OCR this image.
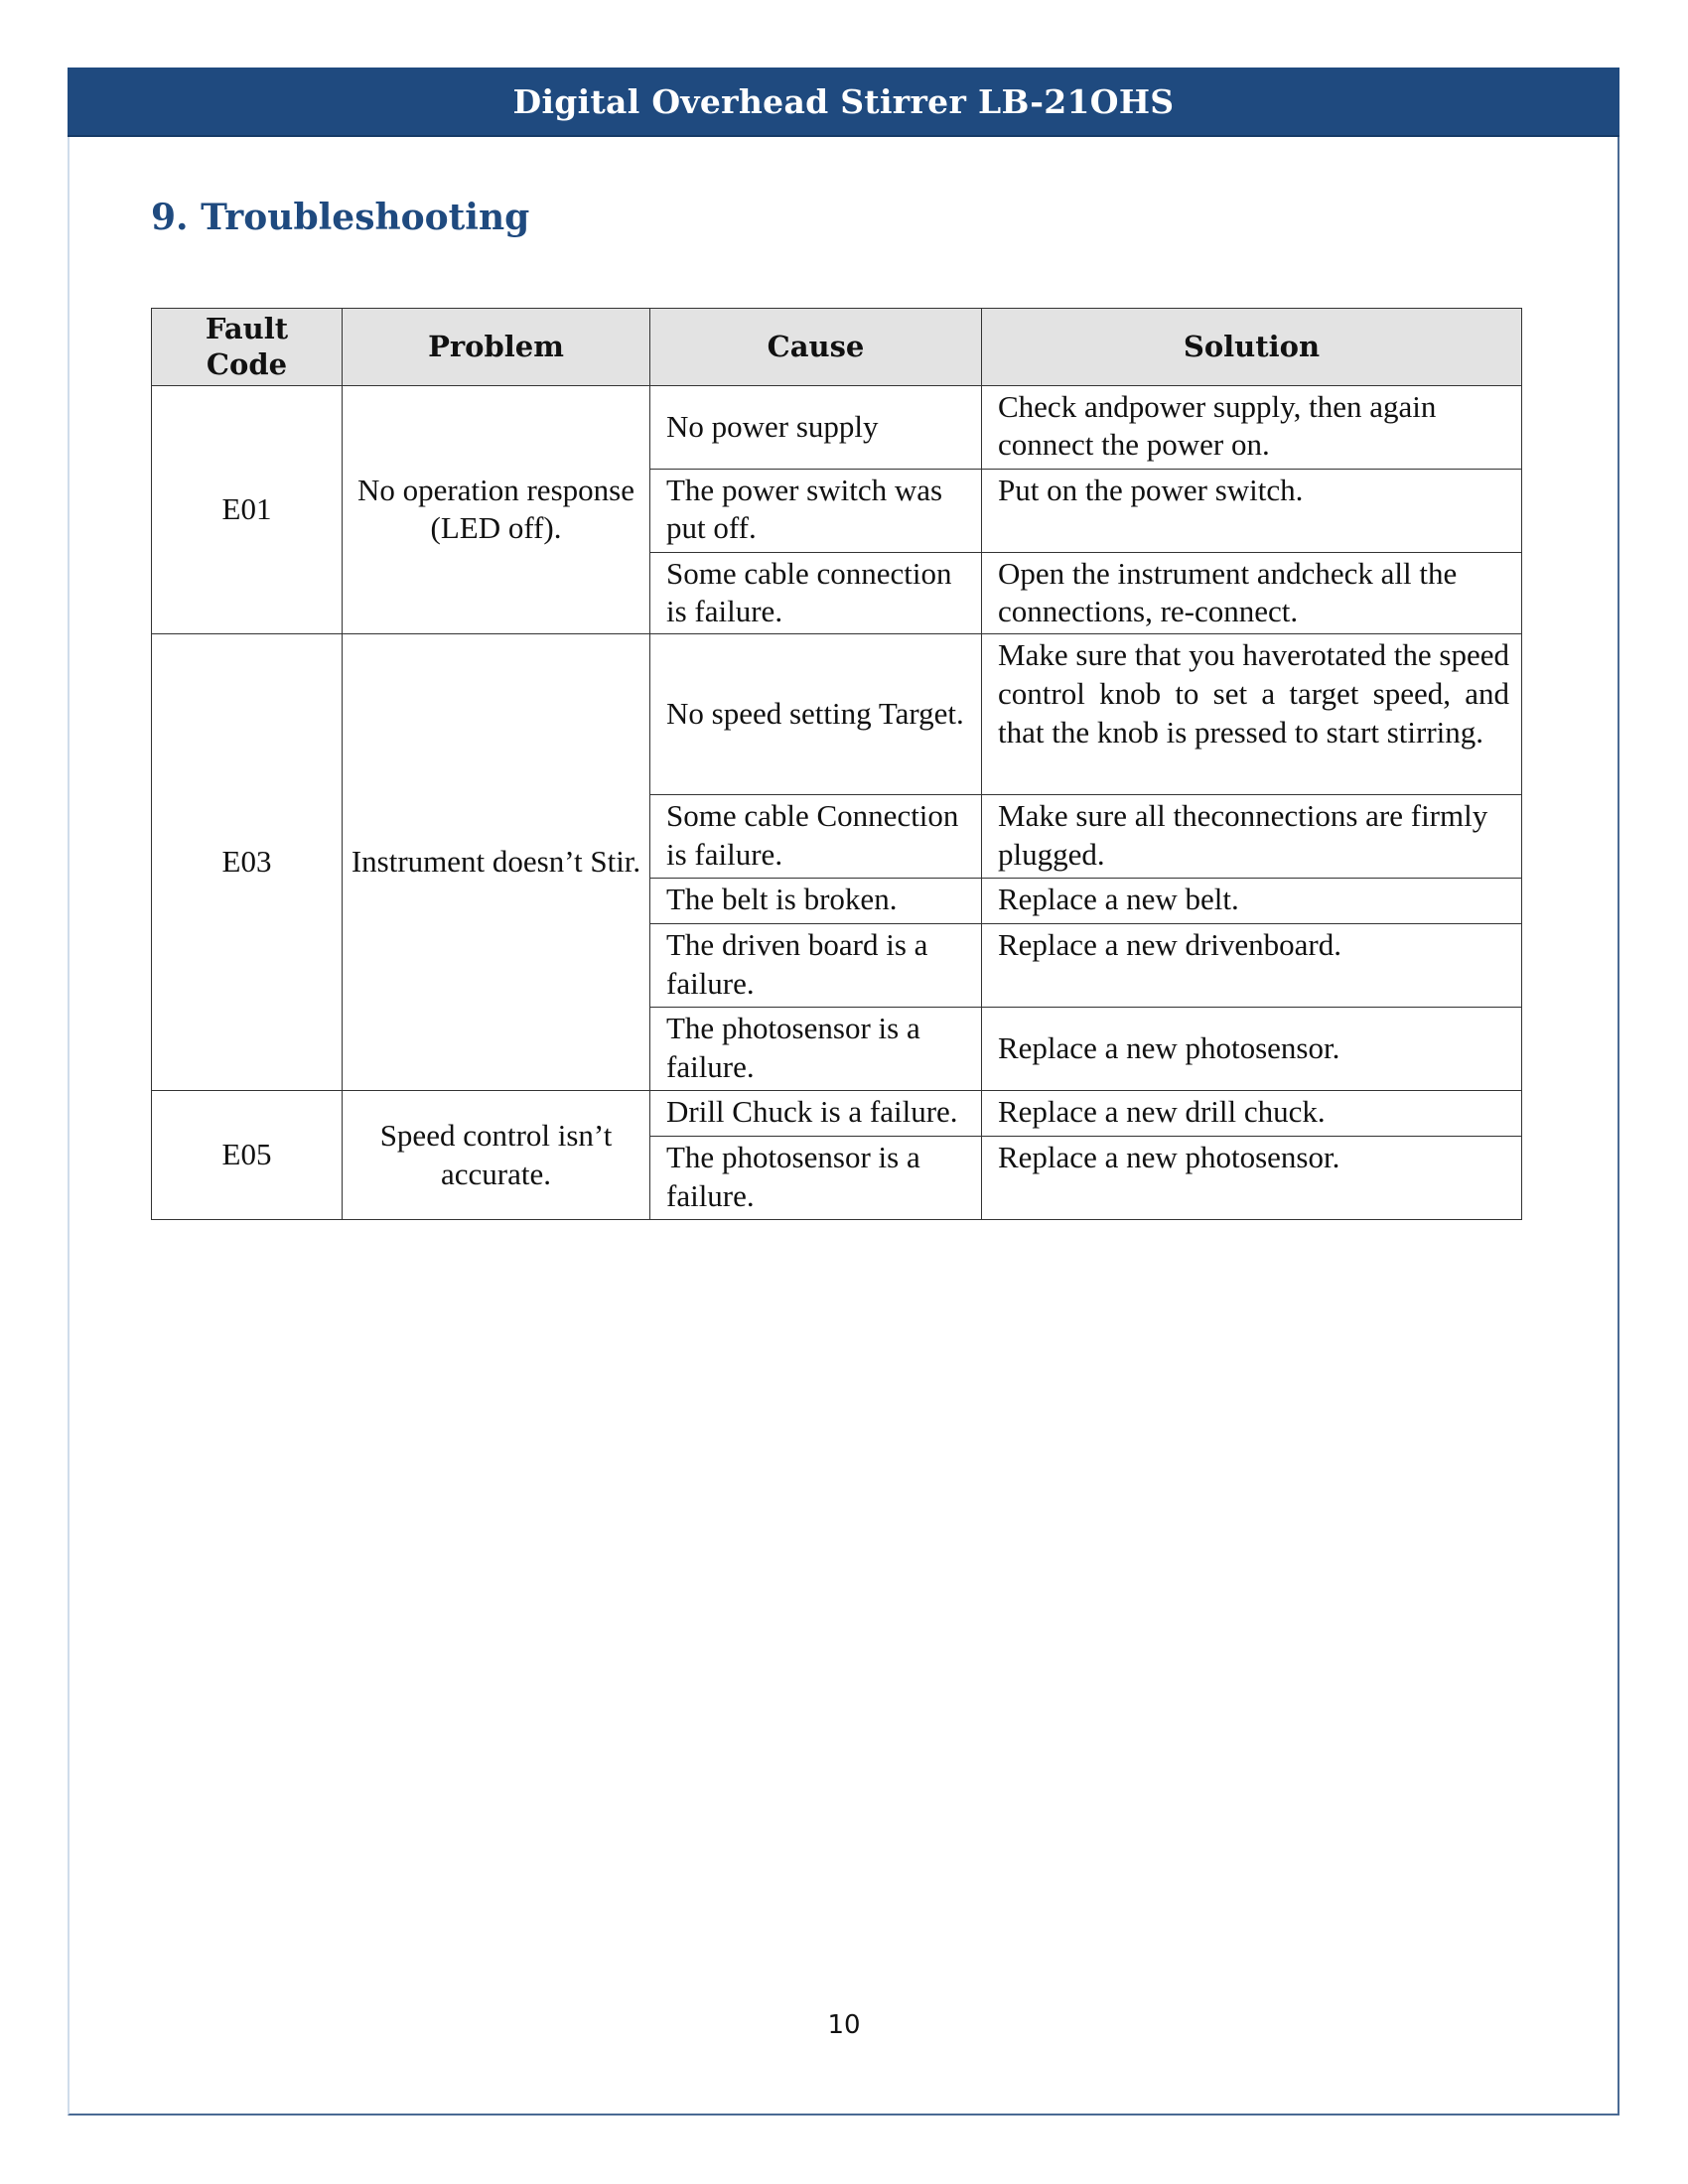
Digital Overhead Stirrer LB-21OHS
9. Troubleshooting
Fault Code	Problem	Cause	Solution
E01	No operation response (LED off).	No power supply	Check andpower supply, then again connect the power on.
		The power switch was put off.	Put on the power switch.
		Some cable connection is failure.	Open the instrument andcheck all the connections, re-connect.
E03	Instrument doesn’t Stir.	No speed setting Target.	Make sure that you haverotated the speed control knob to set a target speed, and that the knob is pressed to start stirring.
		Some cable Connection is failure.	Make sure all theconnections are firmly plugged.
		The belt is broken.	Replace a new belt.
		The driven board is a failure.	Replace a new drivenboard.
		The photosensor is a failure.	Replace a new photosensor.
E05	Speed control isn’t accurate.	Drill Chuck is a failure.	Replace a new drill chuck.
		The photosensor is a failure.	Replace a new photosensor.
10
